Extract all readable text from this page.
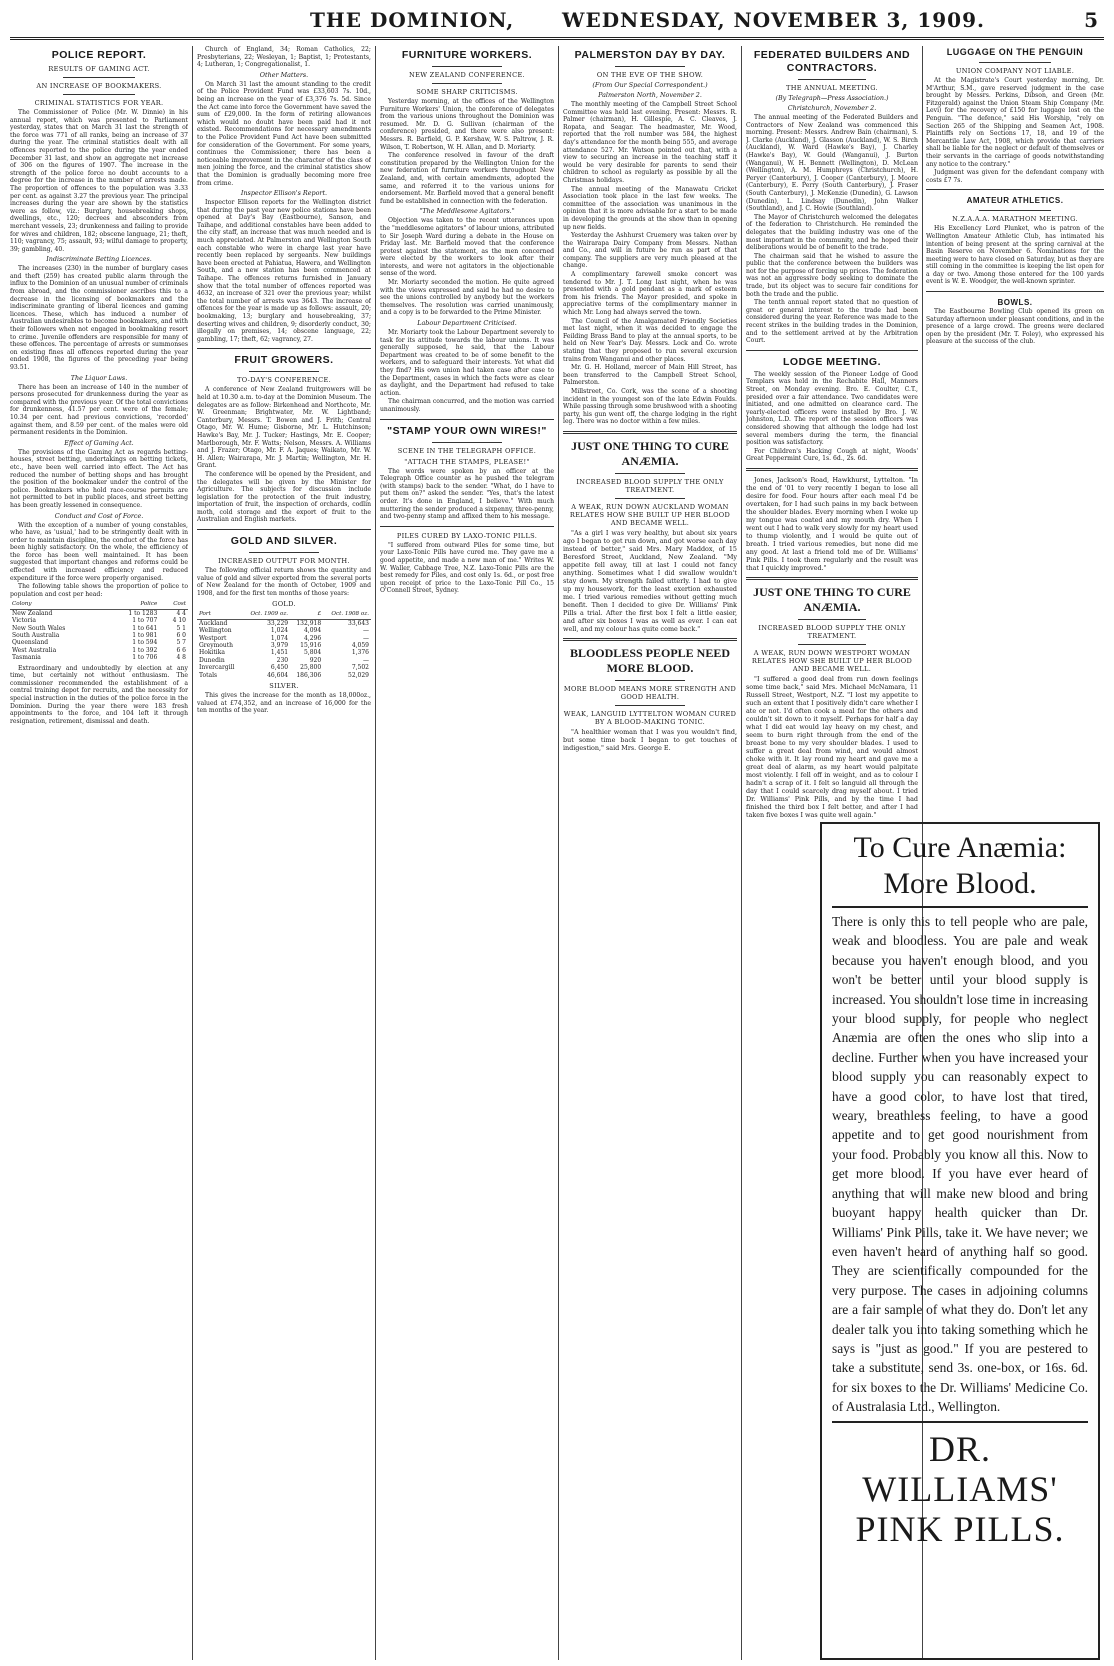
THE DOMINION, WEDNESDAY, NOVEMBER 3, 1909.	5
POLICE REPORT.
RESULTS OF GAMING ACT.
AN INCREASE OF BOOKMAKERS.
CRIMINAL STATISTICS FOR YEAR.

The Commissioner of Police (Mr. W. Dinnie) in his annual report, which was presented to Parliament yesterday, states that on March 31 last the strength of the force was 771 of all ranks, being an increase of 37 during the year. The criminal statistics dealt with all offences reported to the police during the year ended December 31 last, and show an aggregate net increase of 306 on the figures of 1907. The increase in the strength of the police force no doubt accounts to a degree for the increase in the number of arrests made. The proportion of offences to the population was 3.33 per cent. as against 3.27 the previous year. The principal increases during the year are shown by the statistics were as follow, viz.: Burglary, housebreaking shops, dwellings, etc., 120; decrees and absconders from merchant vessels, 23; drunkenness and failing to provide for wives and children, 182; obscene language, 21; theft, 110; vagrancy, 75; assault, 93; wilful damage to property, 39; gambling, 40.

Indiscriminate Betting Licences.

The increases (230) in the number of burglary cases and theft (259) has created public alarm through the influx to the Dominion of an unusual number of criminals from abroad, and the commissioner ascribes this to a decrease in the licensing of bookmakers and the indiscriminate granting of liberal licences and gaming licences. These, which has induced a number of Australian undesirables to become bookmakers, and with their followers when not engaged in bookmaking resort to crime. Juvenile offenders are responsible for many of these offences. The percentage of arrests or summonses on existing fines all offences reported during the year ended 1908, the figures of the preceding year being 93.51.

The Liquor Laws.

There has been an increase of 140 in the number of persons prosecuted for drunkenness during the year as compared with the previous year. Of the total convictions for drunkenness, 41.57 per cent. were of the female; 10.34 per cent. had previous convictions, 'recorded' against them, and 8.59 per cent. of the males were old permanent residents in the Dominion.

Effect of Gaming Act.

The provisions of the Gaming Act as regards betting-houses, street betting, undertakings on betting tickets, etc., have been well carried into effect. The Act has reduced the number of betting shops and has brought the position of the bookmaker under the control of the police. Bookmakers who hold race-course permits are not permitted to bet in public places, and street betting has been greatly lessened in consequence.

Conduct and Cost of Force.

With the exception of a number of young constables, who have, as 'usual,' had to be stringently dealt with in order to maintain discipline, the conduct of the force has been highly satisfactory. On the whole, the efficiency of the force has been well maintained. It has been suggested that important changes and reforms could be effected with increased efficiency and reduced expenditure if the force were properly organised.

The following table shows the proportion of police to population and cost per head:

Colony	Police	Cost
New Zealand	1 to 1283	4 4
Victoria	1 to 707	4 10
New South Wales	1 to 641	5 1
South Australia	1 to 981	6 0
Queensland	1 to 594	5 7
West Australia	1 to 392	6 6
Tasmania	1 to 706	4 8

Extraordinary and undoubtedly by election at any time, but certainly not without enthusiasm. The commissioner recommended the establishment of a central training depot for recruits, and the necessity for special instruction in the duties of the police force in the Dominion. During the year there were 183 fresh appointments to the force, and 104 left it through resignation, retirement, dismissal and death.

Church of England, 34; Roman Catholics, 22; Presbyterians, 22; Wesleyan, 1; Baptist, 1; Protestants, 4; Lutheran, 1; Congregationalist, 1.

Other Matters.

On March 31 last the amount standing to the credit of the Police Provident Fund was £33,603 7s. 10d., being an increase on the year of £3,376 7s. 5d. Since the Act came into force the Government have saved the sum of £29,000. In the form of retiring allowances which would no doubt have been paid had it not existed. Recommendations for necessary amendments to the Police Provident Fund Act have been submitted for consideration of the Government. For some years, continues the Commissioner, there has been a noticeable improvement in the character of the class of men joining the force, and the criminal statistics show that the Dominion is gradually becoming more free from crime.

Inspector Ellison's Report.

Inspector Ellison reports for the Wellington district that during the past year new police stations have been opened at Day's Bay (Eastbourne), Sanson, and Taihape, and additional constables have been added to the city staff, an increase that was much needed and is much appreciated. At Palmerston and Wellington South each constable who were in charge last year have recently been replaced by sergeants. New buildings have been erected at Pahiatua, Hawera, and Wellington South, and a new station has been commenced at Taihape. The offences returns furnished in January show that the total number of offences reported was 4632, an increase of 321 over the previous year; whilst the total number of arrests was 3643. The increase of offences for the year is made up as follows: assault, 20; bookmaking, 13; burglary and housebreaking, 37; deserting wives and children, 9; disorderly conduct, 30; illegally on premises, 14; obscene language, 22; gambling, 17; theft, 62; vagrancy, 27.

FRUIT GROWERS.
TO-DAY'S CONFERENCE.

A conference of New Zealand fruitgrowers will be held at 10.30 a.m. to-day at the Dominion Museum. The delegates are as follow: Birkenhead and Northcote, Mr. W. Greenman; Brightwater, Mr. W. Lightband; Canterbury, Messrs. T. Bowen and J. Frith; Central Otago, Mr. W. Hume; Gisborne, Mr. L. Hutchinson; Hawke's Bay, Mr. J. Tucker; Hastings, Mr. E. Cooper; Marlborough, Mr. F. Watts; Nelson, Messrs. A. Williams and J. Frazer; Otago, Mr. F. A. Jaques; Waikato, Mr. W. H. Allen; Wairarapa, Mr. J. Martin; Wellington, Mr. H. Grant.

The conference will be opened by the President, and the delegates will be given by the Minister for Agriculture. The subjects for discussion include legislation for the protection of the fruit industry, importation of fruit, the inspection of orchards, codlin moth, cold storage and the export of fruit to the Australian and English markets.

GOLD AND SILVER.
INCREASED OUTPUT FOR MONTH.

The following official return shows the quantity and value of gold and silver exported from the several ports of New Zealand for the month of October, 1909 and 1908, and for the first ten months of those years:

GOLD.
Port	Oct. 1909 oz.	£	Oct. 1908 oz.
Auckland	33,229	132,918	33,643
Wellington	1,024	4,094	—
Westport	1,074	4,296	—
Greymouth	3,979	15,916	4,059
Hokitika	1,451	5,804	1,376
Dunedin	230	920	—
Invercargill	6,450	25,800	7,502
Totals	46,604	186,306	52,029
SILVER.

This gives the increase for the month as 18,000oz., valued at £74,352, and an increase of 16,000 for the ten months of the year.

FURNITURE WORKERS.
NEW ZEALAND CONFERENCE.
SOME SHARP CRITICISMS.

Yesterday morning, at the offices of the Wellington Furniture Workers' Union, the conference of delegates from the various unions throughout the Dominion was resumed. Mr. D. G. Sullivan (chairman of the conference) presided, and there were also present: Messrs. R. Barfield, G. P. Kershaw, W. S. Paltrow, J. R. Wilson, T. Robertson, W. H. Allan, and D. Moriarty.

The conference resolved in favour of the draft constitution prepared by the Wellington Union for the new federation of furniture workers throughout New Zealand, and, with certain amendments, adopted the same, and referred it to the various unions for endorsement. Mr. Barfield moved that a general benefit fund be established in connection with the federation.

"The Meddlesome Agitators."

Objection was taken to the recent utterances upon the "meddlesome agitators" of labour unions, attributed to Sir Joseph Ward during a debate in the House on Friday last. Mr. Barfield moved that the conference protest against the statement, as the men concerned were elected by the workers to look after their interests, and were not agitators in the objectionable sense of the word.

Mr. Moriarty seconded the motion. He quite agreed with the views expressed and said he had no desire to see the unions controlled by anybody but the workers themselves. The resolution was carried unanimously, and a copy is to be forwarded to the Prime Minister.

Labour Department Criticised.

Mr. Moriarty took the Labour Department severely to task for its attitude towards the labour unions. It was generally supposed, he said, that the Labour Department was created to be of some benefit to the workers, and to safeguard their interests. Yet what did they find? His own union had taken case after case to the Department, cases in which the facts were as clear as daylight, and the Department had refused to take action.

The chairman concurred, and the motion was carried unanimously.

"STAMP YOUR OWN WIRES!"
SCENE IN THE TELEGRAPH OFFICE.
"ATTACH THE STAMPS, PLEASE!"

The words were spoken by an officer at the Telegraph Office counter as he pushed the telegram (with stamps) back to the sender. "What, do I have to put them on?" asked the sender. "Yes, that's the latest order. It's done in England, I believe." With much muttering the sender produced a sixpenny, three-penny, and two-penny stamp and affixed them to his message.

PILES CURED BY LAXO-TONIC PILLS.

"I suffered from outward Piles for some time, but your Laxo-Tonic Pills have cured me. They gave me a good appetite, and made a new man of me." Writes W. W. Waller, Cabbage Tree, N.Z. Laxo-Tonic Pills are the best remedy for Piles, and cost only 1s. 6d., or post free upon receipt of price to the Laxo-Tonic Pill Co., 15 O'Connell Street, Sydney.

PALMERSTON DAY BY DAY.
ON THE EVE OF THE SHOW.
(From Our Special Correspondent.)
Palmerston North, November 2.

The monthly meeting of the Campbell Street School Committee was held last evening. Present: Messrs. R. Palmer (chairman), H. Gillespie, A. C. Cleaves, J. Ropata, and Seagar. The headmaster, Mr. Wood, reported that the roll number was 584, the highest day's attendance for the month being 555, and average attendance 527. Mr. Watson pointed out that, with a view to securing an increase in the teaching staff it would be very desirable for parents to send their children to school as regularly as possible by all the Christmas holidays.

The annual meeting of the Manawatu Cricket Association took place in the last few weeks. The committee of the association was unanimous in the opinion that it is more advisable for a start to be made in developing the grounds at the show than in opening up new fields.

Yesterday the Ashhurst Cruemery was taken over by the Wairarapa Dairy Company from Messrs. Nathan and Co., and will in future be run as part of that company. The suppliers are very much pleased at the change.

A complimentary farewell smoke concert was tendered to Mr. J. T. Long last night, when he was presented with a gold pendant as a mark of esteem from his friends. The Mayor presided, and spoke in appreciative terms of the complimentary manner in which Mr. Long had always served the town.

The Council of the Amalgamated Friendly Societies met last night, when it was decided to engage the Feilding Brass Band to play at the annual sports, to be held on New Year's Day. Messrs. Lock and Co. wrote stating that they proposed to run several excursion trains from Wanganui and other places.

Mr. G. H. Holland, mercer of Main Hill Street, has been transferred to the Campbell Street School, Palmerston.

Millstreet, Co. Cork, was the scene of a shooting incident in the youngest son of the late Edwin Foulds. While passing through some brushwood with a shooting party, his gun went off, the charge lodging in the right leg. There was no doctor within a few miles.

JUST ONE THING TO CURE ANÆMIA.
INCREASED BLOOD SUPPLY THE ONLY TREATMENT.
A WEAK, RUN DOWN AUCKLAND WOMAN RELATES HOW SHE BUILT UP HER BLOOD AND BECAME WELL.

"As a girl I was very healthy, but about six years ago I began to get run down, and got worse each day instead of better," said Mrs. Mary Maddox, of 15 Beresford Street, Auckland, New Zealand. "My appetite fell away, till at last I could not fancy anything. Sometimes what I did swallow wouldn't stay down. My strength failed utterly. I had to give up my housework, for the least exertion exhausted me. I tried various remedies without getting much benefit. Then I decided to give Dr. Williams' Pink Pills a trial. After the first box I felt a little easier, and after six boxes I was as well as ever. I can eat well, and my colour has quite come back."

BLOODLESS PEOPLE NEED MORE BLOOD.
MORE BLOOD MEANS MORE STRENGTH AND GOOD HEALTH.
WEAK, LANGUID LYTTELTON WOMAN CURED BY A BLOOD-MAKING TONIC.

"A healthier woman that I was you wouldn't find, but some time back I began to get touches of indigestion," said Mrs. George E.

FEDERATED BUILDERS AND CONTRACTORS.
THE ANNUAL MEETING.
(By Telegraph—Press Association.)
Christchurch, November 2.

The annual meeting of the Federated Builders and Contractors of New Zealand was commenced this morning. Present: Messrs. Andrew Bain (chairman), S. J. Clarke (Auckland), J. Glasson (Auckland), W. S. Birch (Auckland), W. Ward (Hawke's Bay), J. Charley (Hawke's Bay), W. Gould (Wanganui), J. Burton (Wanganui), W. H. Bennett (Wellington), D. McLean (Wellington), A. M. Humphreys (Christchurch), H. Peryer (Canterbury), J. Cooper (Canterbury), J. Moore (Canterbury), E. Perry (South Canterbury), J. Fraser (South Canterbury), J. McKenzie (Dunedin), G. Lawson (Dunedin), L. Lindsay (Dunedin), John Walker (Southland), and J. C. Howie (Southland).

The Mayor of Christchurch welcomed the delegates of the federation to Christchurch. He reminded the delegates that the building industry was one of the most important in the community, and he hoped their deliberations would be of benefit to the trade.

The chairman said that he wished to assure the public that the conference between the builders was not for the purpose of forcing up prices. The federation was not an aggressive body seeking to dominate the trade, but its object was to secure fair conditions for both the trade and the public.

The tenth annual report stated that no question of great or general interest to the trade had been considered during the year. Reference was made to the recent strikes in the building trades in the Dominion, and to the settlement arrived at by the Arbitration Court.

LODGE MEETING.

The weekly session of the Pioneer Lodge of Good Templars was held in the Rechabite Hall, Manners Street, on Monday evening. Bro. E. Coulter, C.T., presided over a fair attendance. Two candidates were initiated, and one admitted on clearance card. The yearly-elected officers were installed by Bro. J. W. Johnston, L.D. The report of the session officers was considered showing that although the lodge had lost several members during the term, the financial position was satisfactory.

For Children's Hacking Cough at night, Woods' Great Peppermint Cure, 1s. 6d., 2s. 6d.

Jones, Jackson's Road, Hawkhurst, Lyttelton. "In the end of '01 to very recently I began to lose all desire for food. Four hours after each meal I'd be overtaken, for I had such pains in my back between the shoulder blades. Every morning when I woke up my tongue was coated and my mouth dry. When I went out I had to walk very slowly for my heart used to thump violently, and I would be quite out of breath. I tried various remedies, but none did me any good. At last a friend told me of Dr. Williams' Pink Pills. I took them regularly and the result was that I quickly improved."

JUST ONE THING TO CURE ANÆMIA.
INCREASED BLOOD SUPPLY THE ONLY TREATMENT.
A WEAK, RUN DOWN WESTPORT WOMAN RELATES HOW SHE BUILT UP HER BLOOD AND BECAME WELL.

"I suffered a good deal from run down feelings some time back," said Mrs. Michael McNamara, 11 Russell Street, Westport, N.Z. "I lost my appetite to such an extent that I positively didn't care whether I ate or not. I'd often cook a meal for the others and couldn't sit down to it myself. Perhaps for half a day what I did eat would lay heavy on my chest, and seem to burn right through from the end of the breast bone to my very shoulder blades. I used to suffer a great deal from wind, and would almost choke with it. It lay round my heart and gave me a great deal of alarm, as my heart would palpitate most violently. I fell off in weight, and as to colour I hadn't a scrap of it. I felt so languid all through the day that I could scarcely drag myself about. I tried Dr. Williams' Pink Pills, and by the time I had finished the third box I felt better, and after I had taken five boxes I was quite well again."

LUGGAGE ON THE PENGUIN
UNION COMPANY NOT LIABLE.

At the Magistrate's Court yesterday morning, Dr. M'Arthur, S.M., gave reserved judgment in the case brought by Messrs. Perkins, Dibson, and Green (Mr. Fitzgerald) against the Union Steam Ship Company (Mr. Levi) for the recovery of £150 for luggage lost on the Penguin. "The defence," said His Worship, "rely on Section 265 of the Shipping and Seamen Act, 1908. Plaintiffs rely on Sections 17, 18, and 19 of the Mercantile Law Act, 1908, which provide that carriers shall be liable for the neglect or default of themselves or their servants in the carriage of goods notwithstanding any notice to the contrary."

Judgment was given for the defendant company with costs £7 7s.

AMATEUR ATHLETICS.
N.Z.A.A.A. MARATHON MEETING.

His Excellency Lord Plunket, who is patron of the Wellington Amateur Athletic Club, has intimated his intention of being present at the spring carnival at the Basin Reserve on November 6. Nominations for the meeting were to have closed on Saturday, but as they are still coming in the committee is keeping the list open for a day or two. Among those entered for the 100 yards event is W. E. Woodger, the well-known sprinter.

BOWLS.

The Eastbourne Bowling Club opened its green on Saturday afternoon under pleasant conditions, and in the presence of a large crowd. The greens were declared open by the president (Mr. T. Foley), who expressed his pleasure at the success of the club.

To Cure Anæmia: More Blood.

There is only this to tell people who are pale, weak and bloodless. You are pale and weak because you haven't enough blood, and you won't be better until your blood supply is increased. You shouldn't lose time in increasing your blood supply, for people who neglect Anæmia are often the ones who slip into a decline. Further when you have increased your blood supply you can reasonably expect to have a good color, to have lost that tired, weary, breathless feeling, to have a good appetite and to get good nourishment from your food. Probably you know all this. Now to get more blood. If you have ever heard of anything that will make new blood and bring buoyant happy health quicker than Dr. Williams' Pink Pills, take it. We have never; we even haven't heard of anything half so good. They are scientifically compounded for the very purpose. The cases in adjoining columns are a fair sample of what they do. Don't let any dealer talk you into taking something which he says is "just as good." If you are pestered to take a substitute, send 3s. one-box, or 16s. 6d. for six boxes to the Dr. Williams' Medicine Co. of Australasia Ltd., Wellington.

DR. WILLIAMS' PINK PILLS.
